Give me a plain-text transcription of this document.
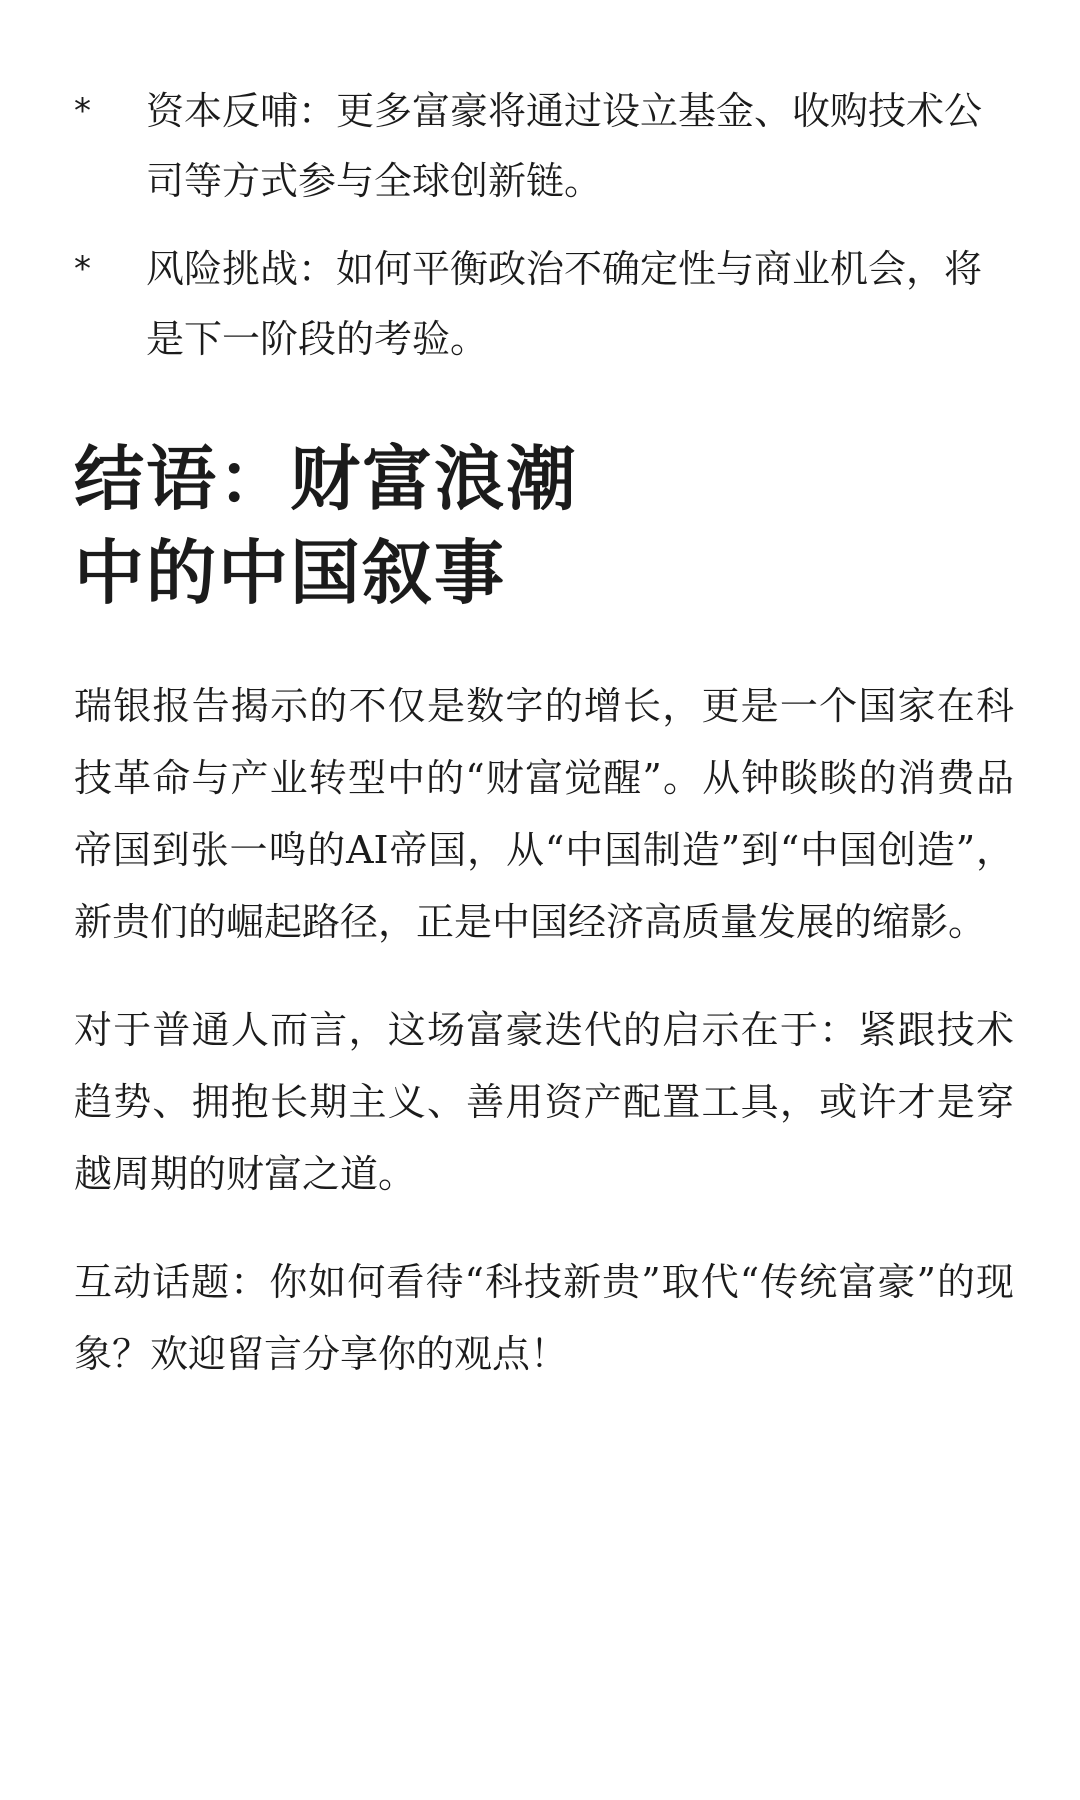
*	资本反哺：更多富豪将通过设立基金、收购技术公司等方式参与全球创新链。
*	风险挑战：如何平衡政治不确定性与商业机会，将是下一阶段的考验。
结语：财富浪潮
中的中国叙事

瑞银报告揭示的不仅是数字的增长，更是一个国家在科技革命与产业转型中的“财富觉醒”。从钟睒睒的消费品帝国到张一鸣的AI帝国，从“中国制造”到“中国创造”，新贵们的崛起路径，正是中国经济高质量发展的缩影。

对于普通人而言，这场富豪迭代的启示在于：紧跟技术趋势、拥抱长期主义、善用资产配置工具，或许才是穿越周期的财富之道。

互动话题：你如何看待“科技新贵”取代“传统富豪”的现象？欢迎留言分享你的观点！
